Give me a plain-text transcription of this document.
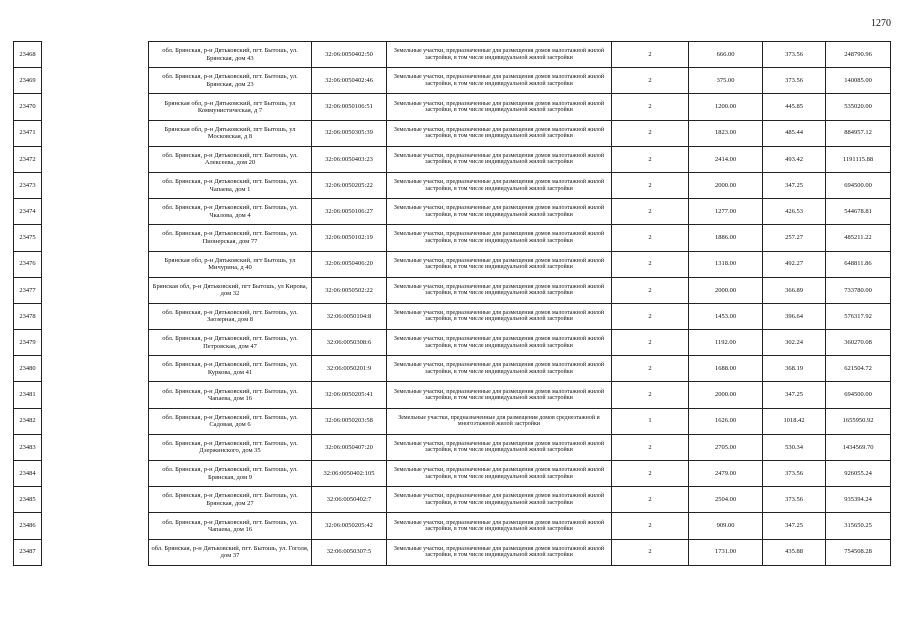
1270
23468		обл. Брянская, р-н Дятьковский, пгт. Бытошь, ул. Брянская, дом 43	32:06:0050402:50	Земельные участки, предназначенные для размещения домов малоэтажной жилой застройки, в том числе индивидуальной жилой застройки	2	666.00	373.56	248790.96
23469		обл. Брянская, р-н Дятьковский, пгт. Бытошь, ул. Брянская, дом 23	32:06:0050402:46	Земельные участки, предназначенные для размещения домов малоэтажной жилой застройки, в том числе индивидуальной жилой застройки	2	375.00	373.56	140085.00
23470		Брянская обл, р-н Дятьковский, пгт Бытошь, ул Коммунистическая, д 7	32:06:0050106:51	Земельные участки, предназначенные для размещения домов малоэтажной жилой застройки, в том числе индивидуальной жилой застройки	2	1200.00	445.85	535020.00
23471		Брянская обл, р-н Дятьковский, пгт Бытошь, ул Московская, д 8	32:06:0050305:39	Земельные участки, предназначенные для размещения домов малоэтажной жилой застройки, в том числе индивидуальной жилой застройки	2	1823.00	485.44	884957.12
23472		обл. Брянская, р-н Дятьковский, пгт. Бытошь, ул. Алексеева, дом 20	32:06:0050403:23	Земельные участки, предназначенные для размещения домов малоэтажной жилой застройки, в том числе индивидуальной жилой застройки	2	2414.00	493.42	1191115.88
23473		обл. Брянская, р-н Дятьковский, пгт. Бытошь, ул. Чапаева, дом 1	32:06:0050205:22	Земельные участки, предназначенные для размещения домов малоэтажной жилой застройки, в том числе индивидуальной жилой застройки	2	2000.00	347.25	694500.00
23474		обл. Брянская, р-н Дятьковский, пгт. Бытошь, ул. Чкалова, дом 4	32:06:0050106:27	Земельные участки, предназначенные для размещения домов малоэтажной жилой застройки, в том числе индивидуальной жилой застройки	2	1277.00	426.53	544678.81
23475		обл. Брянская, р-н Дятьковский, пгт. Бытошь, ул. Пионерская, дом 77	32:06:0050102:19	Земельные участки, предназначенные для размещения домов малоэтажной жилой застройки, в том числе индивидуальной жилой застройки	2	1886.00	257.27	485211.22
23476		Брянская обл, р-н Дятьковский, пгт Бытошь, ул Мичурина, д 40	32:06:0050406:20	Земельные участки, предназначенные для размещения домов малоэтажной жилой застройки, в том числе индивидуальной жилой застройки	2	1318.00	492.27	648811.86
23477		Брянская обл, р-н Дятьковский, пгт Бытошь, ул Кирова, дом 32	32:06:0050502:22	Земельные участки, предназначенные для размещения домов малоэтажной жилой застройки, в том числе индивидуальной жилой застройки	2	2000.00	366.89	733780.00
23478		обл. Брянская, р-н Дятьковский, пгт. Бытошь, ул. Заозерная, дом 8	32:06:0050104:8	Земельные участки, предназначенные для размещения домов малоэтажной жилой застройки, в том числе индивидуальной жилой застройки	2	1453.00	396.64	576317.92
23479		обл. Брянская, р-н Дятьковский, пгт. Бытошь, ул. Петровская, дом 47	32:06:0050308:6	Земельные участки, предназначенные для размещения домов малоэтажной жилой застройки, в том числе индивидуальной жилой застройки	2	1192.00	302.24	360270.08
23480		обл. Брянская, р-н Дятьковский, пгт. Бытошь, ул. Куркова, дом 41	32:06:0050201:9	Земельные участки, предназначенные для размещения домов малоэтажной жилой застройки, в том числе индивидуальной жилой застройки	2	1688.00	368.19	621504.72
23481		обл. Брянская, р-н Дятьковский, пгт. Бытошь, ул. Чапаева, дом 16	32:06:0050205:41	Земельные участки, предназначенные для размещения домов малоэтажной жилой застройки, в том числе индивидуальной жилой застройки	2	2000.00	347.25	694500.00
23482		обл. Брянская, р-н Дятьковский, пгт. Бытошь, ул. Садовая, дом 6	32:06:0050203:58	Земельные участки, предназначенные для размещения домов среднеэтажной и многоэтажной жилой застройки	1	1626.00	1018.42	1655950.92
23483		обл. Брянская, р-н Дятьковский, пгт. Бытошь, ул. Дзержинского, дом 35	32:06:0050407:20	Земельные участки, предназначенные для размещения домов малоэтажной жилой застройки, в том числе индивидуальной жилой застройки	2	2705.00	530.34	1434569.70
23484		обл. Брянская, р-н Дятьковский, пгт. Бытошь, ул. Брянская, дом 9	32:06:0050402:105	Земельные участки, предназначенные для размещения домов малоэтажной жилой застройки, в том числе индивидуальной жилой застройки	2	2479.00	373.56	926055.24
23485		обл. Брянская, р-н Дятьковский, пгт. Бытошь, ул. Брянская, дом 27	32:06:0050402:7	Земельные участки, предназначенные для размещения домов малоэтажной жилой застройки, в том числе индивидуальной жилой застройки	2	2504.00	373.56	935394.24
23486		обл. Брянская, р-н Дятьковский, пгт. Бытошь, ул. Чапаева, дом 16	32:06:0050205:42	Земельные участки, предназначенные для размещения домов малоэтажной жилой застройки, в том числе индивидуальной жилой застройки	2	909.00	347.25	315650.25
23487		обл. Брянская, р-н Дятьковский, пгт. Бытошь, ул. Гоголя, дом 37	32:06:0050307:5	Земельные участки, предназначенные для размещения домов малоэтажной жилой застройки, в том числе индивидуальной жилой застройки	2	1731.00	435.88	754508.28
